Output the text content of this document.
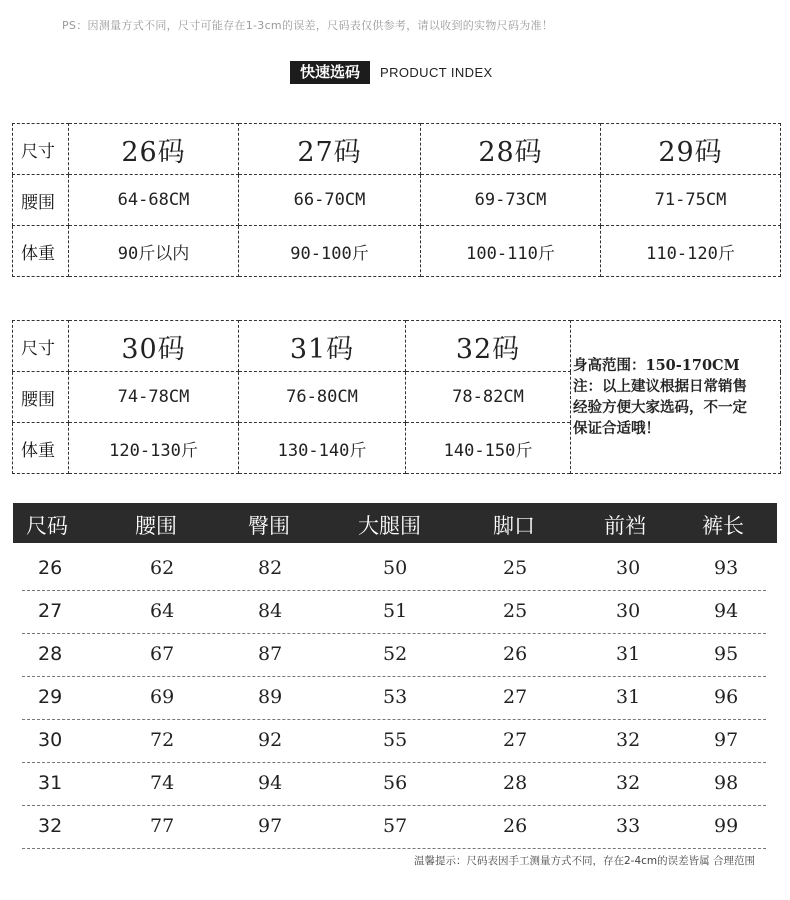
PS：因测量方式不同，尺寸可能存在1-3cm的误差，尺码表仅供参考，请以收到的实物尺码为准！
快速选码	PRODUCT INDEX
尺寸	26码	27码	28码	29码
腰围	64-68CM	66-70CM	69-73CM	71-75CM
体重	90斤以内	90-100斤	100-110斤	110-120斤
尺寸	30码	31码	32码	身高范围：150-170CM
注：以上建议根据日常销售
经验方便大家选码，不一定
保证合适哦！

腰围	74-78CM	76-80CM	78-82CM	
体重	120-130斤	130-140斤	140-150斤	
尺码	腰围	臀围	大腿围	脚口	前裆	裤长
26	62	82	50	25	30	93
27	64	84	51	25	30	94
28	67	87	52	26	31	95
29	69	89	53	27	31	96
30	72	92	55	27	32	97
31	74	94	56	28	32	98
32	77	97	57	26	33	99
温馨提示：尺码表因手工测量方式不同，存在2-4cm的误差皆属 合理范围
